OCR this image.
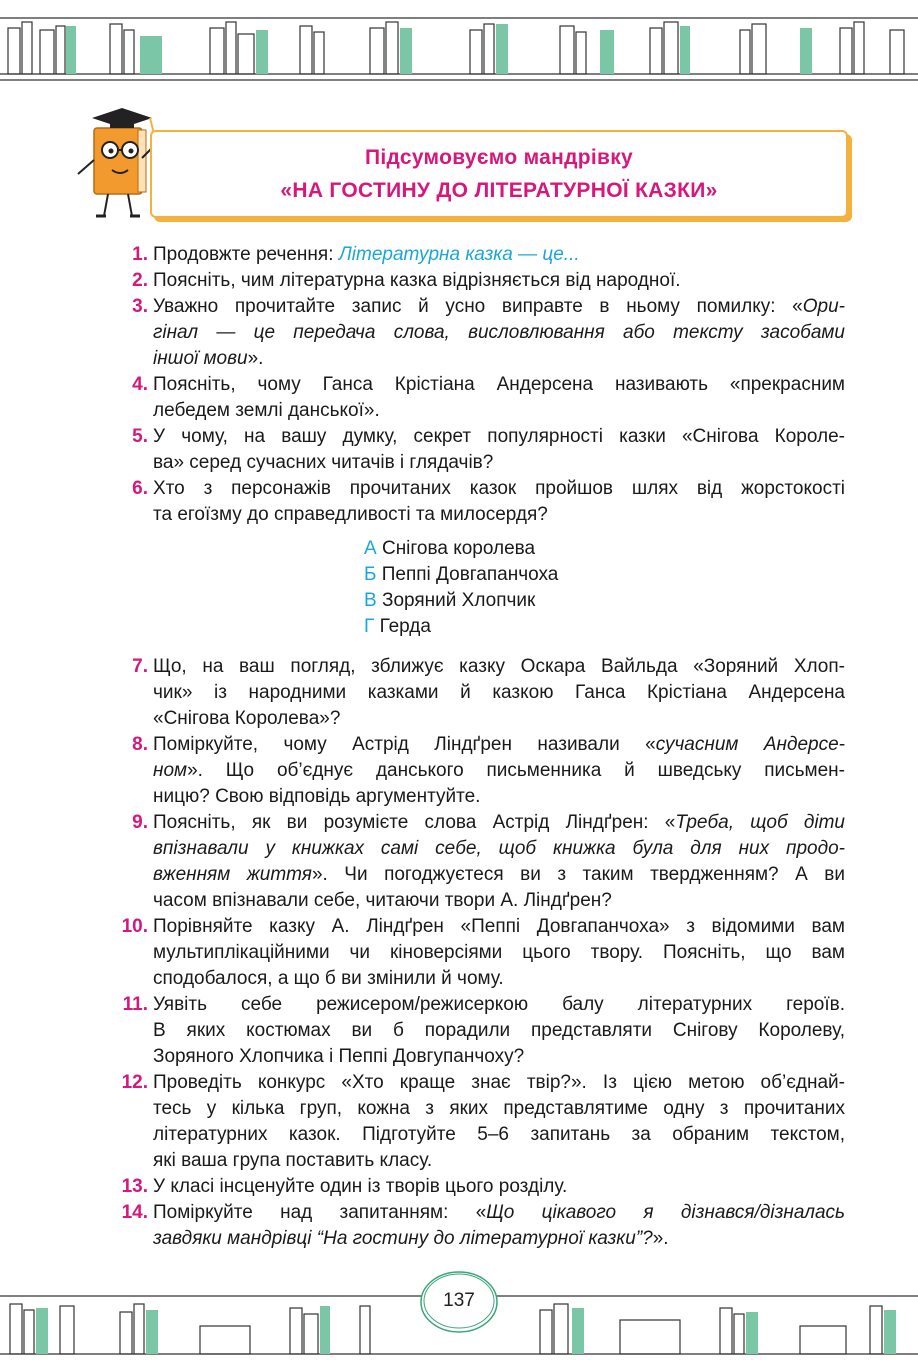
Підсумовуємо мандрівку
«НА ГОСТИНУ ДО ЛІТЕРАТУРНОЇ КАЗКИ»
1. Продовжте речення: Літературна казка — це...
2. Поясніть, чим літературна казка відрізняється від народної.
3. Уважно прочитайте запис й усно виправте в ньому помилку: «Ори-
гінал — це передача слова, висловлювання або тексту засобами
іншої мови».
4. Поясніть, чому Ганса Крістіана Андерсена називають «прекрасним
лебедем землі данської».
5. У чому, на вашу думку, секрет популярності казки «Снігова Короле-
ва» серед сучасних читачів і глядачів?
6. Хто з персонажів прочитаних казок пройшов шлях від жорстокості
та егоїзму до справедливості та милосердя?
А Снігова королева
Б Пеппі Довгапанчоха
В Зоряний Хлопчик
Г Герда
7. Що, на ваш погляд, зближує казку Оскара Вайльда «Зоряний Хлоп-
чик» із народними казками й казкою Ганса Крістіана Андерсена
«Снігова Королева»?
8. Поміркуйте, чому Астрід Ліндґрен називали «сучасним Андерсе-
ном». Що об’єднує данського письменника й шведську письмен-
ницю? Свою відповідь аргументуйте.
9. Поясніть, як ви розумієте слова Астрід Ліндґрен: «Треба, щоб діти
впізнавали у книжках самі себе, щоб книжка була для них продо-
вженням життя». Чи погоджуєтеся ви з таким твердженням? А ви
часом впізнавали себе, читаючи твори А. Ліндґрен?
10. Порівняйте казку А. Ліндґрен «Пеппі Довгапанчоха» з відомими вам
мультиплікаційними чи кіноверсіями цього твору. Поясніть, що вам
сподобалося, а що б ви змінили й чому.
11. Уявіть себе режисером/режисеркою балу літературних героїв.
В яких костюмах ви б порадили представляти Снігову Королеву,
Зоряного Хлопчика і Пеппі Довгупанчоху?
12. Проведіть конкурс «Хто краще знає твір?». Із цією метою об’єднай-
тесь у кілька груп, кожна з яких представлятиме одну з прочитаних
літературних казок. Підготуйте 5–6 запитань за обраним текстом,
які ваша група поставить класу.
13. У класі інсценуйте один із творів цього розділу.
14. Поміркуйте над запитанням: «Що цікавого я дізнався/дізналась
завдяки мандрівці “На гостину до літературної казки”?».
137
